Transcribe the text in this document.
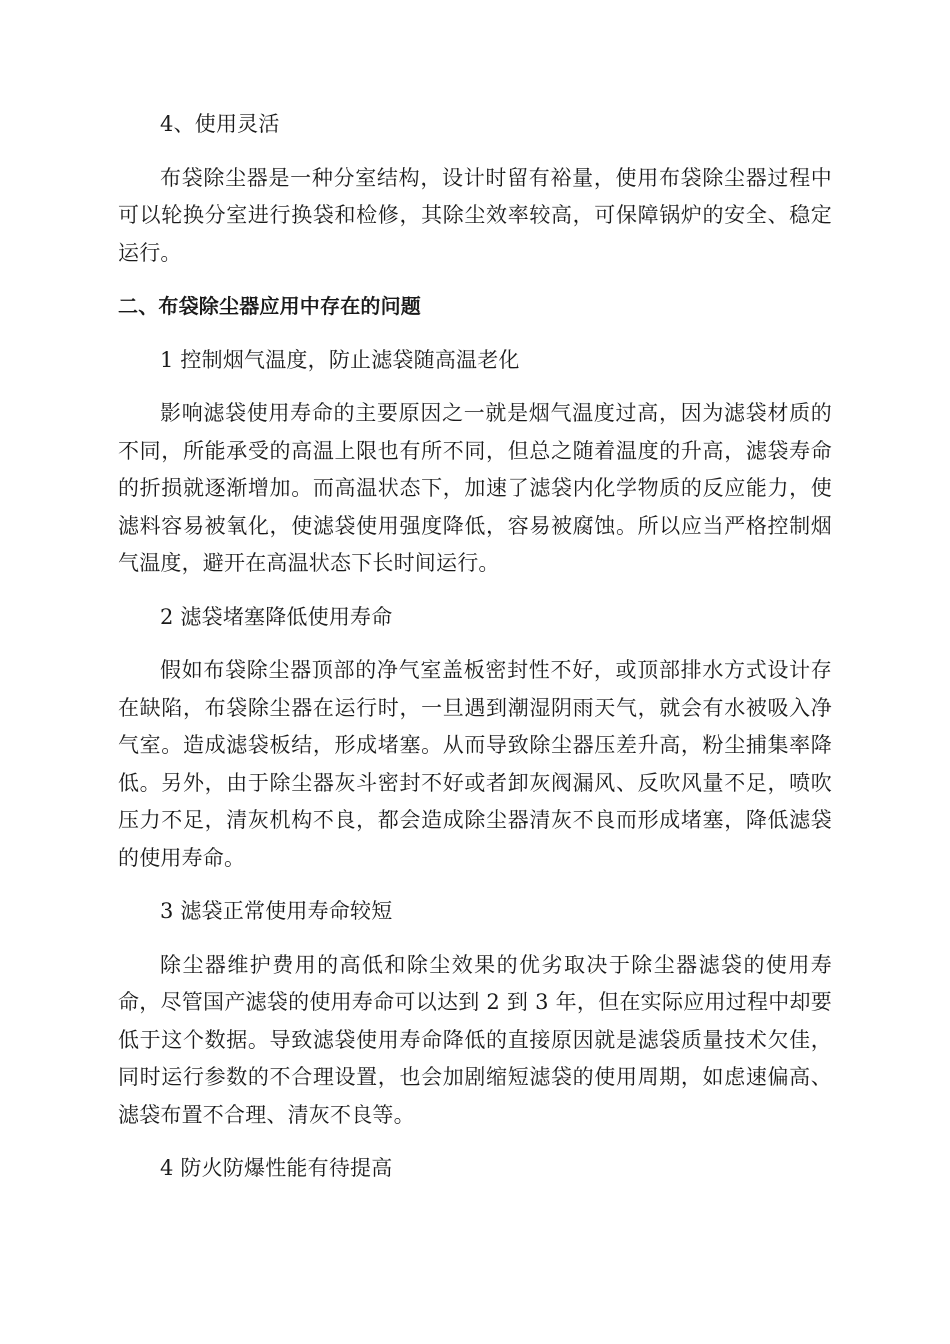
4、使用灵活

布袋除尘器是一种分室结构，设计时留有裕量，使用布袋除尘器过程中可以轮换分室进行换袋和检修，其除尘效率较高，可保障锅炉的安全、稳定运行。

二、布袋除尘器应用中存在的问题

1 控制烟气温度，防止滤袋随高温老化

影响滤袋使用寿命的主要原因之一就是烟气温度过高，因为滤袋材质的不同，所能承受的高温上限也有所不同，但总之随着温度的升高，滤袋寿命的折损就逐渐增加。而高温状态下，加速了滤袋内化学物质的反应能力，使滤料容易被氧化，使滤袋使用强度降低，容易被腐蚀。所以应当严格控制烟气温度，避开在高温状态下长时间运行。

2 滤袋堵塞降低使用寿命

假如布袋除尘器顶部的净气室盖板密封性不好，或顶部排水方式设计存在缺陷，布袋除尘器在运行时，一旦遇到潮湿阴雨天气，就会有水被吸入净气室。造成滤袋板结，形成堵塞。从而导致除尘器压差升高，粉尘捕集率降低。另外，由于除尘器灰斗密封不好或者卸灰阀漏风、反吹风量不足，喷吹压力不足，清灰机构不良，都会造成除尘器清灰不良而形成堵塞，降低滤袋的使用寿命。

3 滤袋正常使用寿命较短

除尘器维护费用的高低和除尘效果的优劣取决于除尘器滤袋的使用寿命，尽管国产滤袋的使用寿命可以达到 2 到 3 年，但在实际应用过程中却要低于这个数据。导致滤袋使用寿命降低的直接原因就是滤袋质量技术欠佳，同时运行参数的不合理设置，也会加剧缩短滤袋的使用周期，如虑速偏高、滤袋布置不合理、清灰不良等。

4 防火防爆性能有待提高
